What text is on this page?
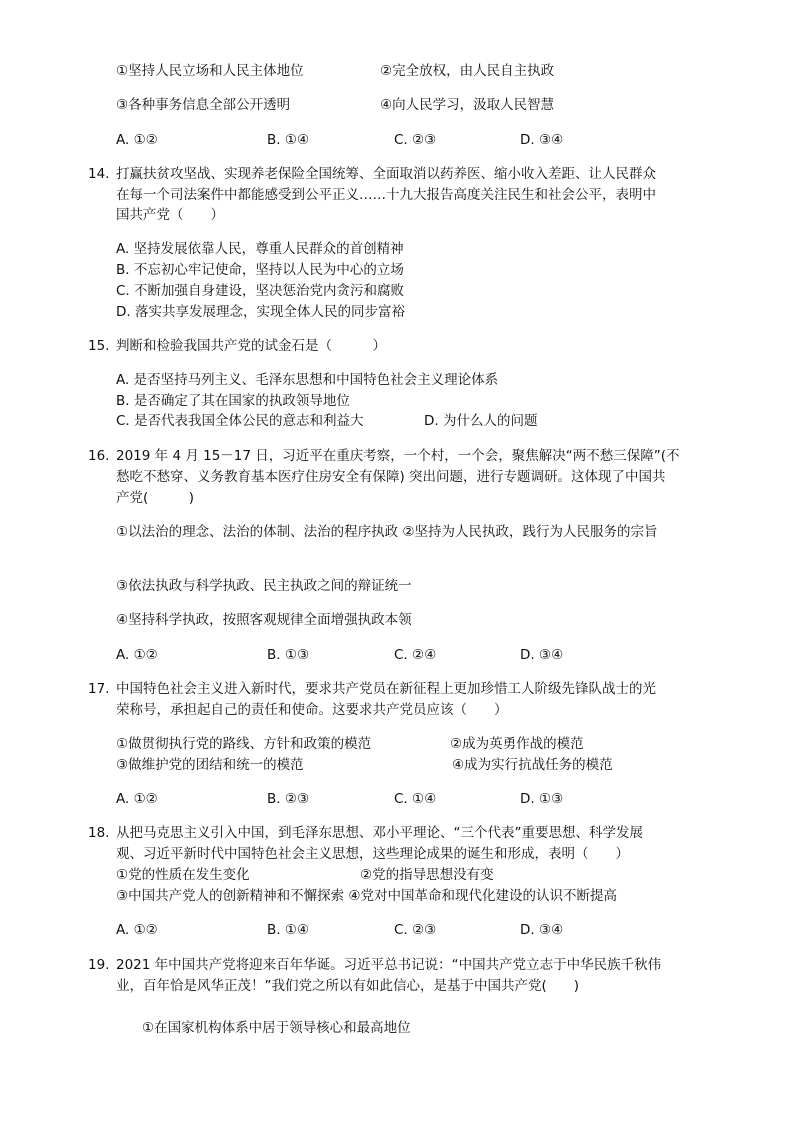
①坚持人民立场和人民主体地位	②完全放权，由人民自主执政
③各种事务信息全部公开透明	④向人民学习，汲取人民智慧
A. ①②	B. ①④	C. ②③	D. ③④
14. 打赢扶贫攻坚战、实现养老保险全国统筹、全面取消以药养医、缩小收入差距、让人民群众
在每一个司法案件中都能感受到公平正义……十九大报告高度关注民生和社会公平，表明中
国共产党（　　）
A. 坚持发展依靠人民，尊重人民群众的首创精神
B. 不忘初心牢记使命，坚持以人民为中心的立场
C. 不断加强自身建设，坚决惩治党内贪污和腐败
D. 落实共享发展理念，实现全体人民的同步富裕
15. 判断和检验我国共产党的试金石是（　　　）
A. 是否坚持马列主义、毛泽东思想和中国特色社会主义理论体系
B. 是否确定了其在国家的执政领导地位
C. 是否代表我国全体公民的意志和利益大	D. 为什么人的问题
16. 2019 年 4 月 15－17 日，习近平在重庆考察，一个村，一个会，聚焦解决“两不愁三保障”(不
愁吃不愁穿、义务教育基本医疗住房安全有保障) 突出问题，进行专题调研。这体现了中国共
产党(　　　)
①以法治的理念、法治的体制、法治的程序执政 ②坚持为人民执政，践行为人民服务的宗旨
③依法执政与科学执政、民主执政之间的辩证统一
④坚持科学执政，按照客观规律全面增强执政本领
A. ①②	B. ①③	C. ②④	D. ③④
17. 中国特色社会主义进入新时代，要求共产党员在新征程上更加珍惜工人阶级先锋队战士的光
荣称号，承担起自己的责任和使命。这要求共产党员应该（　　）
①做贯彻执行党的路线、方针和政策的模范	②成为英勇作战的模范
③做维护党的团结和统一的模范	④成为实行抗战任务的模范
A. ①②	B. ②③	C. ①④	D. ①③
18. 从把马克思主义引入中国，到毛泽东思想、邓小平理论、“三个代表”重要思想、科学发展
观、习近平新时代中国特色社会主义思想，这些理论成果的诞生和形成，表明（　　）
①党的性质在发生变化	②党的指导思想没有变
③中国共产党人的创新精神和不懈探索 ④党对中国革命和现代化建设的认识不断提高
A. ①②	B. ①④	C. ②③	D. ③④
19. 2021 年中国共产党将迎来百年华诞。习近平总书记说：“中国共产党立志于中华民族千秋伟
业，百年恰是风华正茂！”我们党之所以有如此信心，是基于中国共产党(　　)
①在国家机构体系中居于领导核心和最高地位
